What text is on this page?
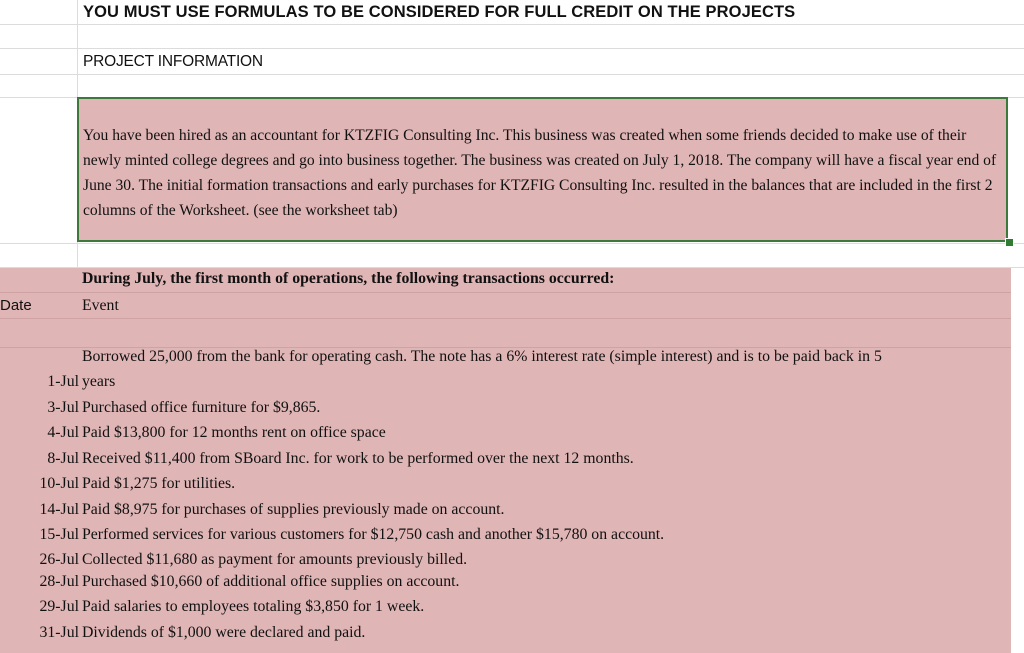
YOU MUST USE FORMULAS TO BE CONSIDERED FOR FULL CREDIT ON THE PROJECTS
PROJECT INFORMATION
You have been hired as an accountant for KTZFIG Consulting Inc. This business was created when some friends decided to make use of their newly minted college degrees and go into business together. The business was created on July 1, 2018. The company will have a fiscal year end of June 30. The initial formation transactions and early purchases for KTZFIG Consulting Inc. resulted in the balances that are included in the first 2 columns of the Worksheet. (see the worksheet tab)
During July, the first month of operations, the following transactions occurred:
Date	Event
Borrowed 25,000 from the bank for operating cash. The note has a 6% interest rate (simple interest) and is to be paid back in 5
1-Jul years
3-Jul Purchased office furniture for $9,865.
4-Jul Paid $13,800 for 12 months rent on office space
8-Jul Received $11,400 from SBoard Inc. for work to be performed over the next 12 months.
10-Jul Paid $1,275 for utilities.
14-Jul Paid $8,975 for purchases of supplies previously made on account.
15-Jul Performed services for various customers for $12,750 cash and another $15,780 on account.
26-Jul Collected $11,680 as payment for amounts previously billed.
28-Jul Purchased $10,660 of additional office supplies on account.
29-Jul Paid salaries to employees totaling $3,850 for 1 week.
31-Jul Dividends of $1,000 were declared and paid.
